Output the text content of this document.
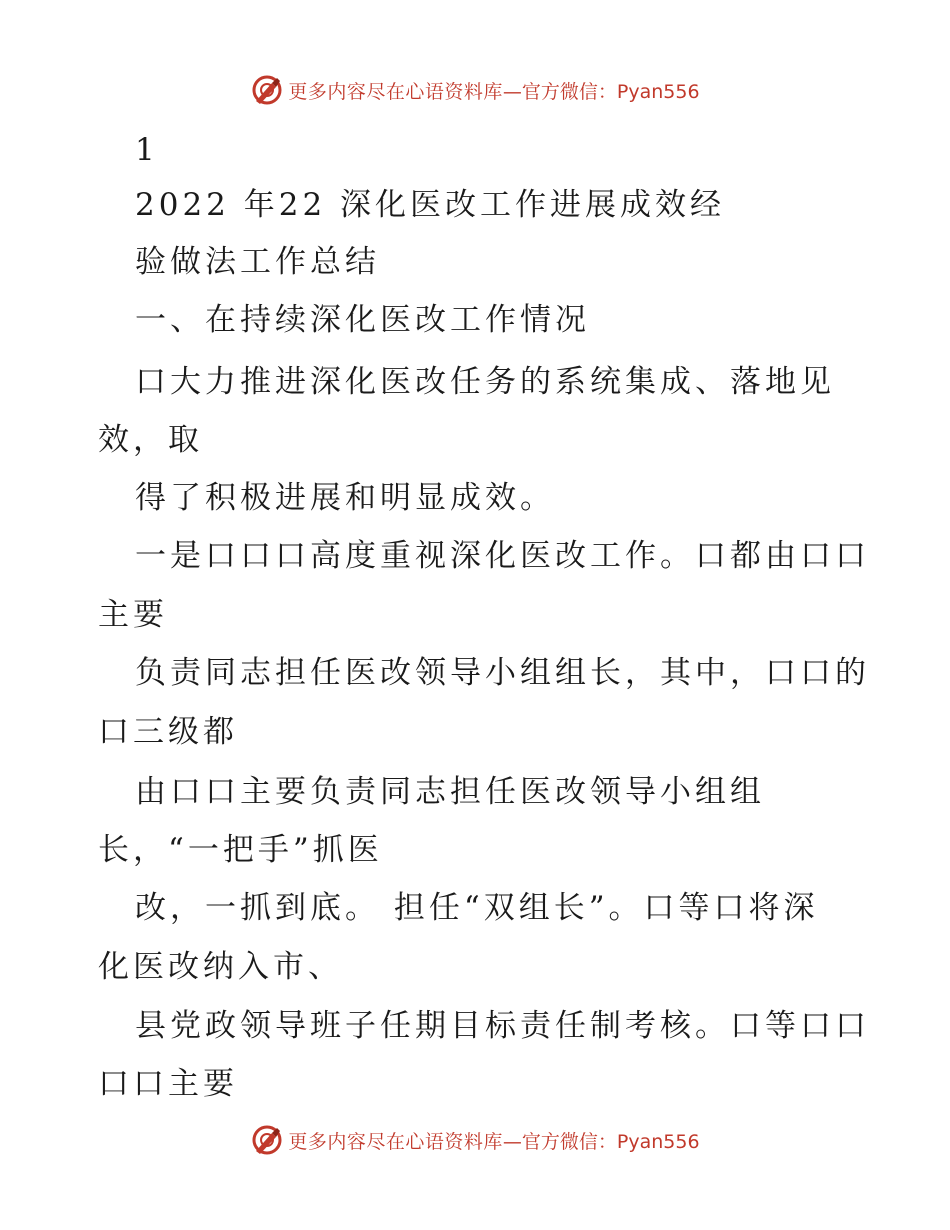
更多内容尽在心语资料库 —官方微信：Pyan556
1
2022 年22 深化医改工作进展成效经
验做法工作总结
一、在持续深化医改工作情况
口大力推进深化医改任务的系统集成、落地见
效，取
得了积极进展和明显成效。
一是口口口高度重视深化医改工作。口都由口口
主要
负责同志担任医改领导小组组长，其中，口口的
口三级都
由口口主要负责同志担任医改领导小组组
长，“一把手”抓医
改，一抓到底。 担任“双组长”。口等口将深
化医改纳入市、
县党政领导班子任期目标责任制考核。口等口口
口口主要
更多内容尽在心语资料库 —官方微信：Pyan556
